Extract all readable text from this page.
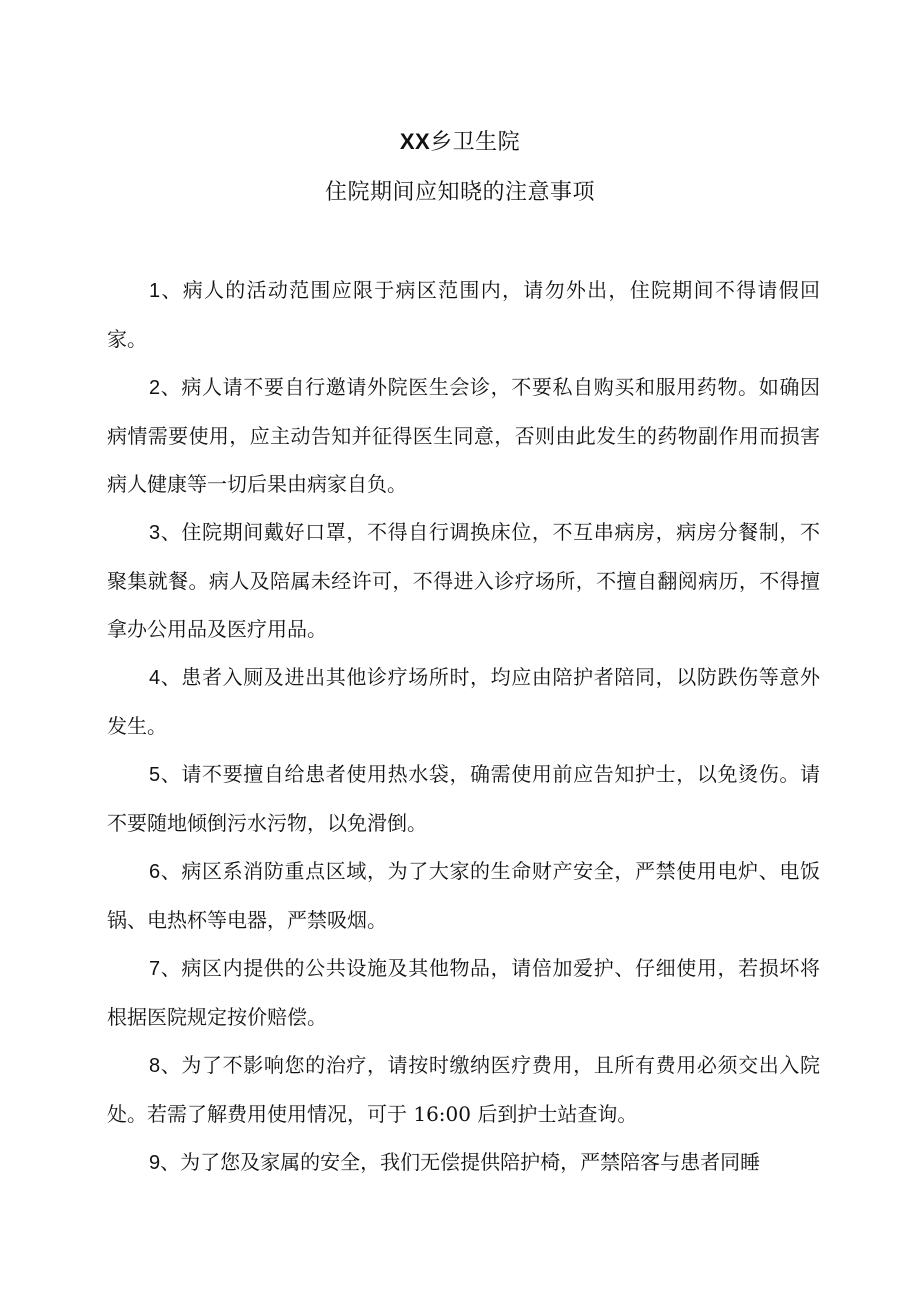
XX乡卫生院
住院期间应知晓的注意事项

1、病人的活动范围应限于病区范围内，请勿外出，住院期间不得请假回家。

2、病人请不要自行邀请外院医生会诊，不要私自购买和服用药物。如确因病情需要使用，应主动告知并征得医生同意，否则由此发生的药物副作用而损害病人健康等一切后果由病家自负。

3、住院期间戴好口罩，不得自行调换床位，不互串病房，病房分餐制，不聚集就餐。病人及陪属未经许可，不得进入诊疗场所，不擅自翻阅病历，不得擅拿办公用品及医疗用品。

4、患者入厕及进出其他诊疗场所时，均应由陪护者陪同，以防跌伤等意外发生。

5、请不要擅自给患者使用热水袋，确需使用前应告知护士，以免烫伤。请不要随地倾倒污水污物，以免滑倒。

6、病区系消防重点区域，为了大家的生命财产安全，严禁使用电炉、电饭锅、电热杯等电器，严禁吸烟。

7、病区内提供的公共设施及其他物品，请倍加爱护、仔细使用，若损坏将根据医院规定按价赔偿。

8、为了不影响您的治疗，请按时缴纳医疗费用，且所有费用必须交出入院处。若需了解费用使用情况，可于 16:00 后到护士站查询。

9、为了您及家属的安全，我们无偿提供陪护椅，严禁陪客与患者同睡
